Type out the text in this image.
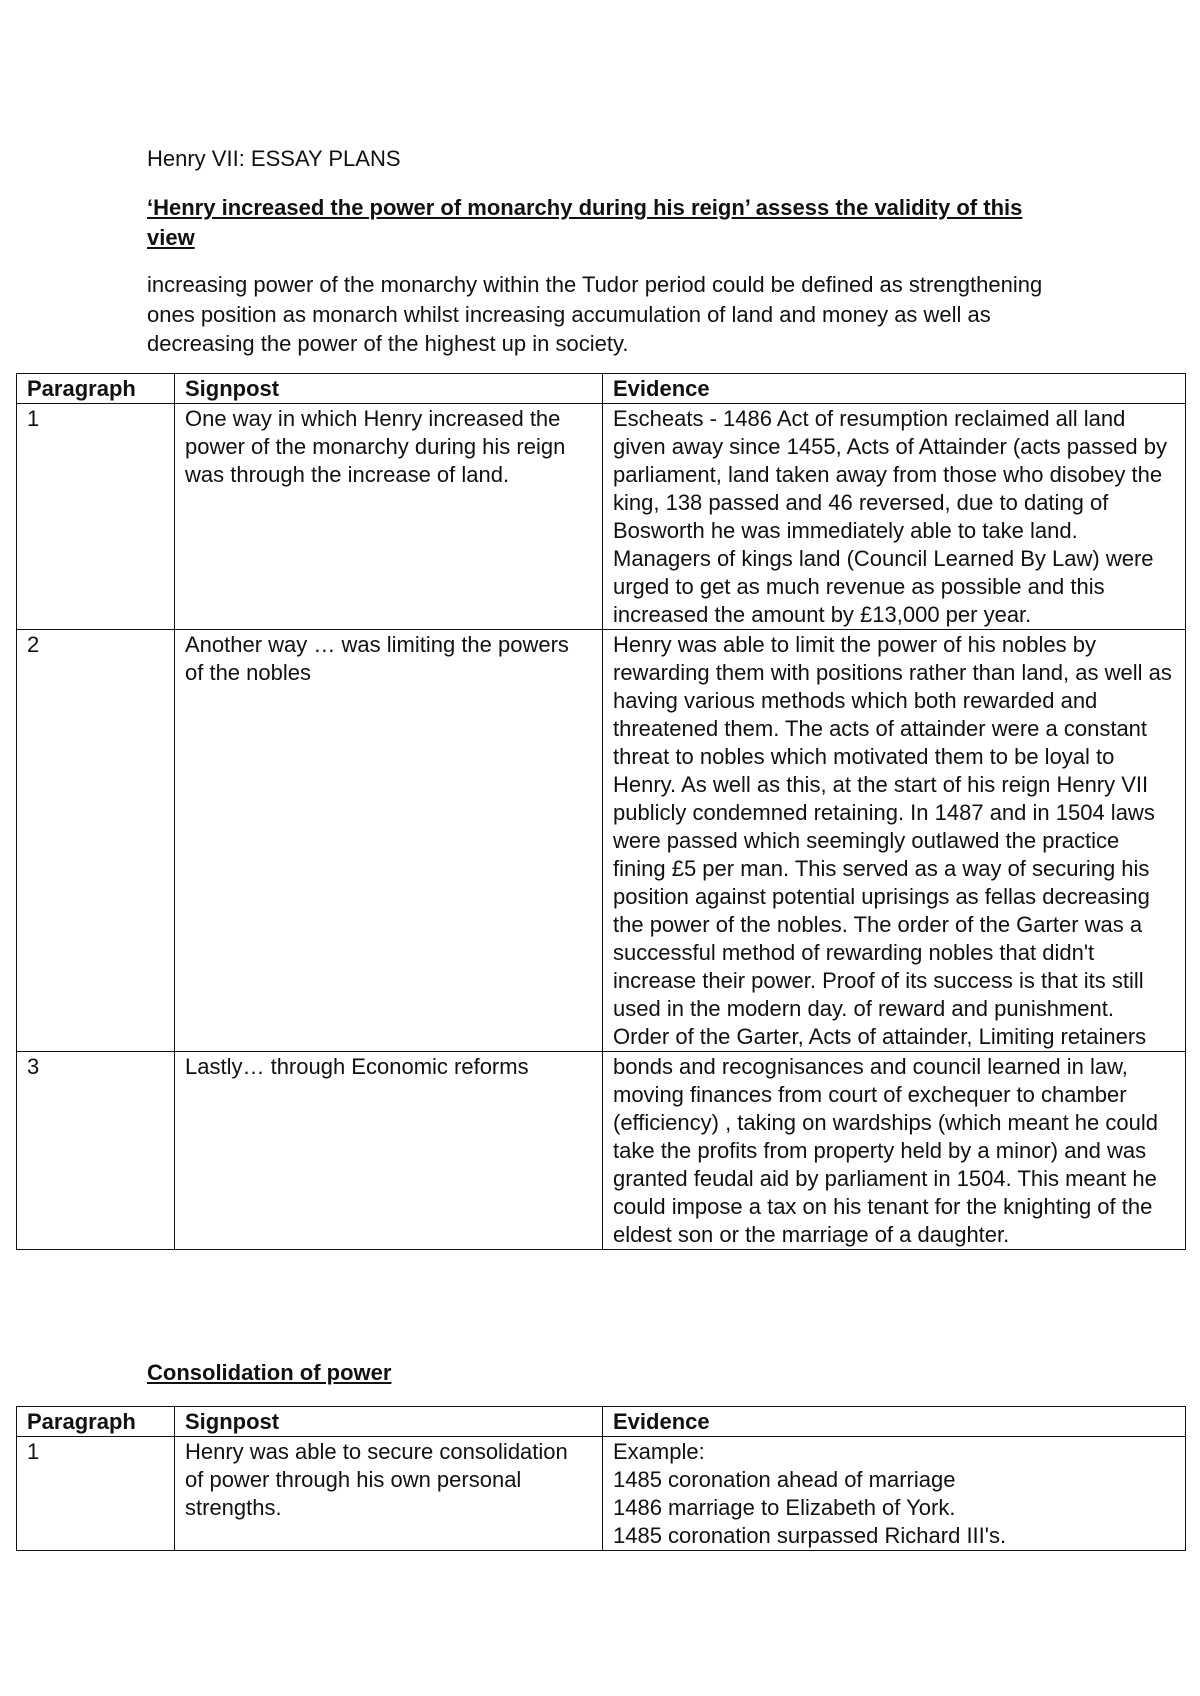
Henry VII: ESSAY PLANS
‘Henry increased the power of monarchy during his reign’ assess the validity of this view
increasing power of the monarchy within the Tudor period could be defined as strengthening ones position as monarch whilst increasing accumulation of land and money as well as decreasing the power of the highest up in society.
Paragraph	Signpost	Evidence
1	One way in which Henry increased the power of the monarchy during his reign was through the increase of land.	Escheats - 1486 Act of resumption reclaimed all land given away since 1455, Acts of Attainder (acts passed by parliament, land taken away from those who disobey the king, 138 passed and 46 reversed, due to dating of Bosworth he was immediately able to take land. Managers of kings land (Council Learned By Law) were urged to get as much revenue as possible and this increased the amount by £13,000 per year.
2	Another way … was limiting the powers of the nobles	Henry was able to limit the power of his nobles by rewarding them with positions rather than land, as well as having various methods which both rewarded and threatened them. The acts of attainder were a constant threat to nobles which motivated them to be loyal to Henry. As well as this, at the start of his reign Henry VII publicly condemned retaining. In 1487 and in 1504 laws were passed which seemingly outlawed the practice fining £5 per man. This served as a way of securing his position against potential uprisings as fellas decreasing the power of the nobles. The order of the Garter was a successful method of rewarding nobles that didn't increase their power. Proof of its success is that its still used in the modern day. of reward and punishment. Order of the Garter, Acts of attainder, Limiting retainers
3	Lastly… through Economic reforms	bonds and recognisances and council learned in law, moving finances from court of exchequer to chamber (efficiency) , taking on wardships (which meant he could take the profits from property held by a minor) and was granted feudal aid by parliament in 1504. This meant he could impose a tax on his tenant for the knighting of the eldest son or the marriage of a daughter.
Consolidation of power
Paragraph	Signpost	Evidence
1	Henry was able to secure consolidation of power through his own personal strengths.	Example:
1485 coronation ahead of marriage
1486 marriage to Elizabeth of York.
1485 coronation surpassed Richard III's.
